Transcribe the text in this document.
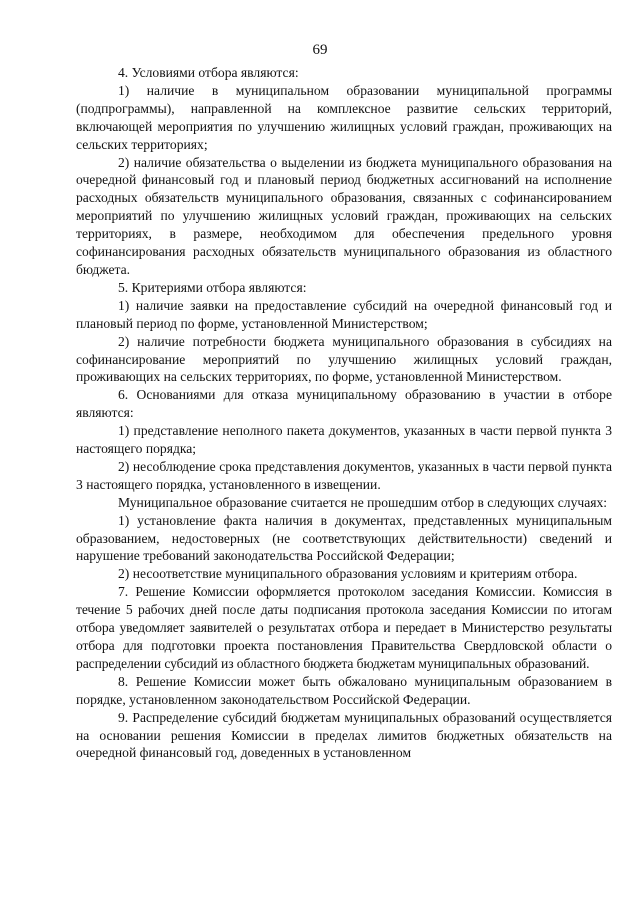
69

4. Условиями отбора являются:

1) наличие в муниципальном образовании муниципальной программы (подпрограммы), направленной на комплексное развитие сельских территорий, включающей мероприятия по улучшению жилищных условий граждан, проживающих на сельских территориях;

2) наличие обязательства о выделении из бюджета муниципального образования на очередной финансовый год и плановый период бюджетных ассигнований на исполнение расходных обязательств муниципального образования, связанных с софинансированием мероприятий по улучшению жилищных условий граждан, проживающих на сельских территориях, в размере, необходимом для обеспечения предельного уровня софинансирования расходных обязательств муниципального образования из областного бюджета.

5. Критериями отбора являются:

1) наличие заявки на предоставление субсидий на очередной финансовый год и плановый период по форме, установленной Министерством;

2) наличие потребности бюджета муниципального образования в субсидиях на софинансирование мероприятий по улучшению жилищных условий граждан, проживающих на сельских территориях, по форме, установленной Министерством.

6. Основаниями для отказа муниципальному образованию в участии в отборе являются:

1) представление неполного пакета документов, указанных в части первой пункта 3 настоящего порядка;

2) несоблюдение срока представления документов, указанных в части первой пункта 3 настоящего порядка, установленного в извещении.

Муниципальное образование считается не прошедшим отбор в следующих случаях:

1) установление факта наличия в документах, представленных муниципальным образованием, недостоверных (не соответствующих действительности) сведений и нарушение требований законодательства Российской Федерации;

2) несоответствие муниципального образования условиям и критериям отбора.

7. Решение Комиссии оформляется протоколом заседания Комиссии. Комиссия в течение 5 рабочих дней после даты подписания протокола заседания Комиссии по итогам отбора уведомляет заявителей о результатах отбора и передает в Министерство результаты отбора для подготовки проекта постановления Правительства Свердловской области о распределении субсидий из областного бюджета бюджетам муниципальных образований.

8. Решение Комиссии может быть обжаловано муниципальным образованием в порядке, установленном законодательством Российской Федерации.

9. Распределение субсидий бюджетам муниципальных образований осуществляется на основании решения Комиссии в пределах лимитов бюджетных обязательств на очередной финансовый год, доведенных в установленном
